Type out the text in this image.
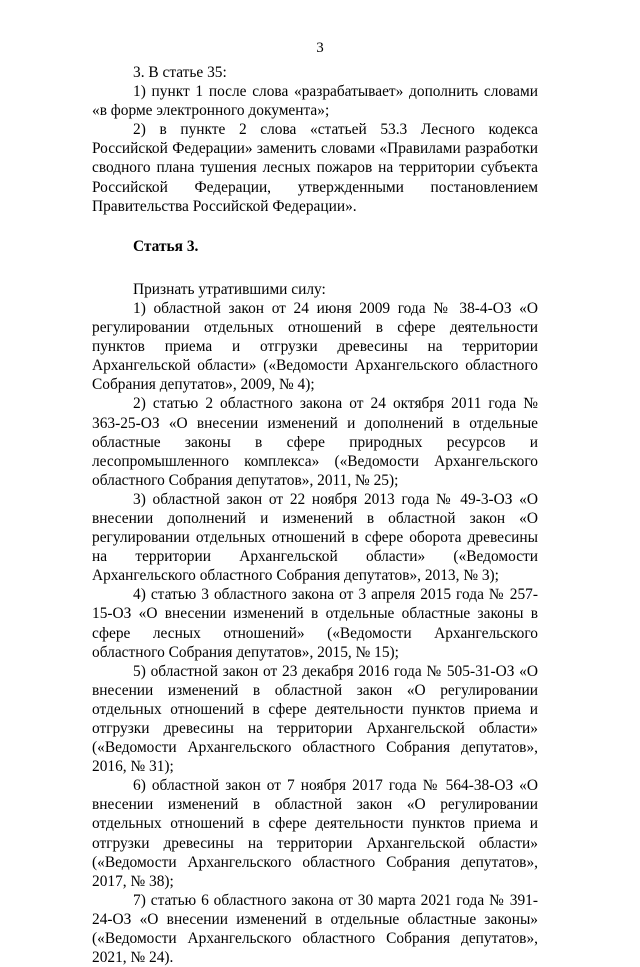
3

3. В статье 35:

1) пункт 1 после слова «разрабатывает» дополнить словами «в форме электронного документа»;

2) в пункте 2 слова «статьей 53.3 Лесного кодекса Российской Федерации» заменить словами «Правилами разработки сводного плана тушения лесных пожаров на территории субъекта Российской Федерации, утвержденными постановлением Правительства Российской Федерации».

Статья 3.

Признать утратившими силу:

1) областной закон от 24 июня 2009 года № 38-4-ОЗ «О регулировании отдельных отношений в сфере деятельности пунктов приема и отгрузки древесины на территории Архангельской области» («Ведомости Архангельского областного Собрания депутатов», 2009, № 4);

2) статью 2 областного закона от 24 октября 2011 года № 363-25-ОЗ «О внесении изменений и дополнений в отдельные областные законы в сфере природных ресурсов и лесопромышленного комплекса» («Ведомости Архангельского областного Собрания депутатов», 2011, № 25);

3) областной закон от 22 ноября 2013 года № 49-3-ОЗ «О внесении дополнений и изменений в областной закон «О регулировании отдельных отношений в сфере оборота древесины на территории Архангельской области» («Ведомости Архангельского областного Собрания депутатов», 2013, № 3);

4) статью 3 областного закона от 3 апреля 2015 года № 257-15-ОЗ «О внесении изменений в отдельные областные законы в сфере лесных отношений» («Ведомости Архангельского областного Собрания депутатов», 2015, № 15);

5) областной закон от 23 декабря 2016 года № 505-31-ОЗ «О внесении изменений в областной закон «О регулировании отдельных отношений в сфере деятельности пунктов приема и отгрузки древесины на территории Архангельской области» («Ведомости Архангельского областного Собрания депутатов», 2016, № 31);

6) областной закон от 7 ноября 2017 года № 564-38-ОЗ «О внесении изменений в областной закон «О регулировании отдельных отношений в сфере деятельности пунктов приема и отгрузки древесины на территории Архангельской области» («Ведомости Архангельского областного Собрания депутатов», 2017, № 38);

7) статью 6 областного закона от 30 марта 2021 года № 391-24-ОЗ «О внесении изменений в отдельные областные законы» («Ведомости Архангельского областного Собрания депутатов», 2021, № 24).
